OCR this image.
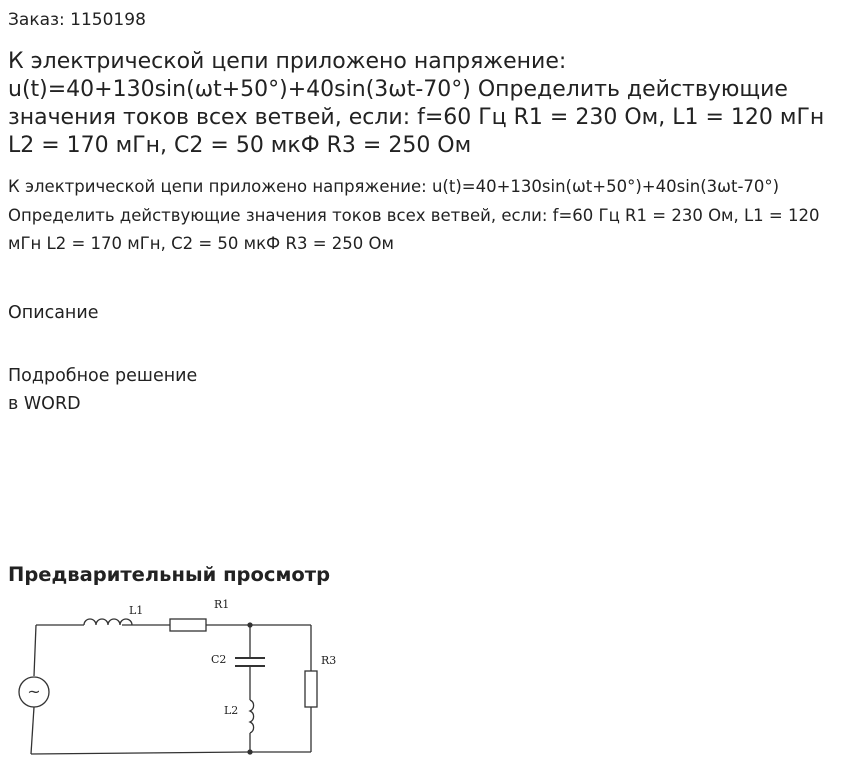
Заказ: 1150198
К электрической цепи приложено напряжение: u(t)=40+130sin(ωt+50°)+40sin(3ωt-70°) Определить действующие значения токов всех ветвей, если: f=60 Гц R1 = 230 Ом, L1 = 120 мГн L2 = 170 мГн, C2 = 50 мкФ R3 = 250 Ом

К электрической цепи приложено напряжение: u(t)=40+130sin(ωt+50°)+40sin(3ωt-70°) Определить действующие значения токов всех ветвей, если: f=60 Гц R1 = 230 Ом, L1 = 120 мГн L2 = 170 мГн, C2 = 50 мкФ R3 = 250 Ом

Описание

Подробное решение
в WORD

Предварительный просмотр
L1	R1
C2
L2
R3
~
